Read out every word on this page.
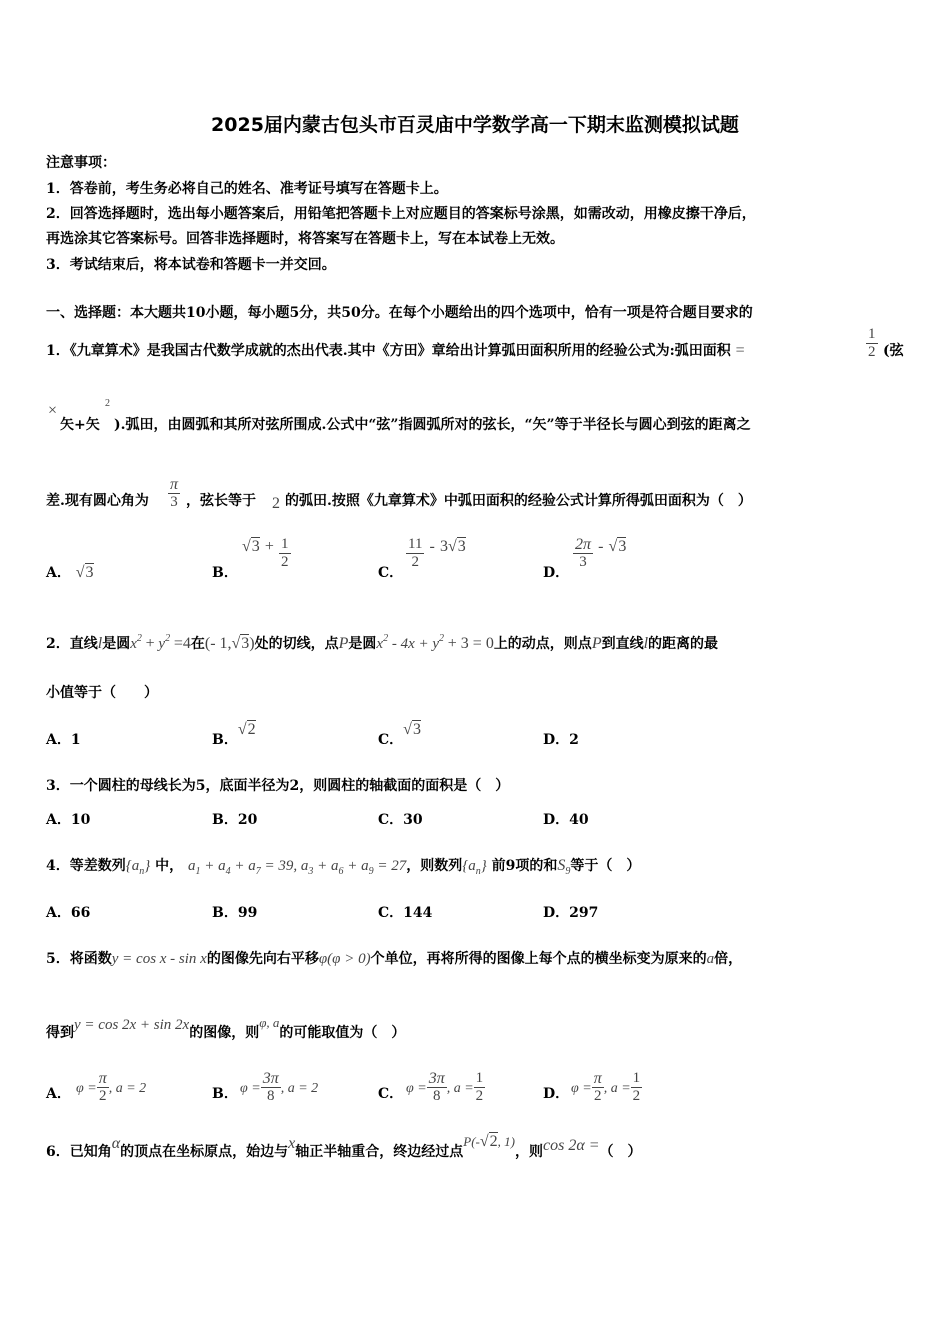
2025届内蒙古包头市百灵庙中学数学高一下期末监测模拟试题
注意事项：
1．答卷前，考生务必将自己的姓名、准考证号填写在答题卡上。
2．回答选择题时，选出每小题答案后，用铅笔把答题卡上对应题目的答案标号涂黑，如需改动，用橡皮擦干净后，
再选涂其它答案标号。回答非选择题时，将答案写在答题卡上，写在本试卷上无效。
3．考试结束后，将本试卷和答题卡一并交回。
一、选择题：本大题共10小题，每小题5分，共50分。在每个小题给出的四个选项中，恰有一项是符合题目要求的
1．《九章算术》是我国古代数学成就的杰出代表.其中《方田》章给出计算弧田面积所用的经验公式为:弧田面积 =	$\frac{1}{2}$ (弦
×
矢+矢
2
).弧田，由圆弧和其所对弦所围成.公式中“弦”指圆弧所对的弦长，“矢”等于半径长与圆心到弦的距离之
差.现有圆心角为 $\frac{\pi}{3}$ ，弦长等于 2 的弧田.按照《九章算术》中弧田面积的经验公式计算所得弧田面积为（　）
A． √3	B．
$√3 + \frac{1}{2}$
C．
$\frac{11}{2} - 3√3$
D．
$\frac{2\pi}{3} - √3$
2．直线l是圆$x^2 + y^2 =4$在(- 1,√3)处的切线，点P是圆$x^2 - 4x + y^2 + 3 = 0$上的动点，则点P到直线l的距离的最
小值等于（　　）
A．1	B．√2
C．√3
D．2
3．一个圆柱的母线长为5，底面半径为2，则圆柱的轴截面的面积是（　）
A．10	B．20	C．30	D．40
4．等差数列$\{a_n\}$ 中， $a_1 + a_4 + a_7 = 39$, $a_3 + a_6 + a_9 = 27$，则数列$\{a_n\}$ 前9项的和$S_9$等于（　）
A．66	B．99	C．144	D．297
5．将函数y = cos x - sin x的图像先向右平移φ(φ > 0)个单位，再将所得的图像上每个点的横坐标变为原来的a倍，
得到y = cos 2x + sin 2x的图像，则φ, a的可能取值为（　）
A． $\varphi = \frac{\pi}{2}$ , a = 2	B． $\varphi = \frac{3\pi}{8}$ , a = 2	C． $\varphi = \frac{3\pi}{8}$ , $a = \frac{1}{2}$	D． $\varphi = \frac{\pi}{2}$ , $a = \frac{1}{2}$
6．已知角α的顶点在坐标原点，始边与x轴正半轴重合，终边经过点P(-√2, 1)，则cos 2α =（　）
